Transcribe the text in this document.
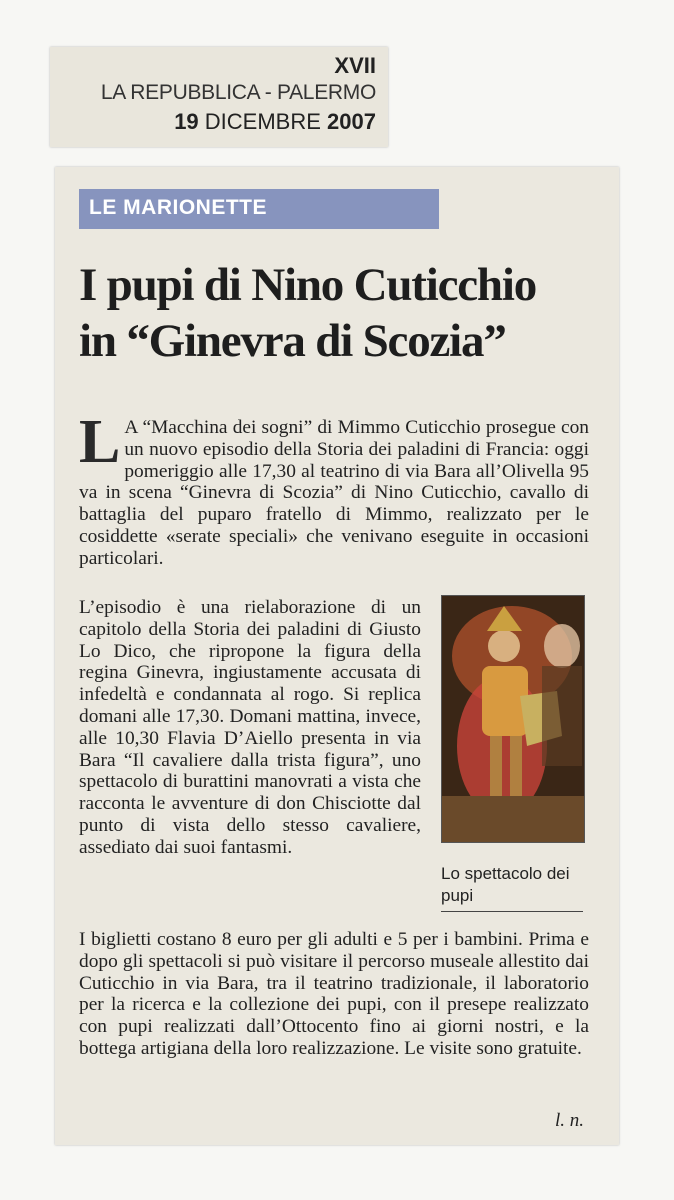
XVII
LA REPUBBLICA - PALERMO
19 DICEMBRE 2007
LE MARIONETTE
I pupi di Nino Cuticchio
in “Ginevra di Scozia”
L A “Macchina dei sogni” di Mimmo Cuticchio prosegue con un nuovo episodio della Storia dei paladini di Francia: oggi pomeriggio alle 17,30 al teatrino di via Bara all’Olivella 95 va in scena “Ginevra di Scozia” di Nino Cuticchio, cavallo di battaglia del puparo fratello di Mimmo, realizzato per le cosiddette «serate speciali» che venivano eseguite in occasioni particolari.
L’episodio è una rielaborazione di un capitolo della Storia dei paladini di Giusto Lo Dico, che ripropone la figura della regina Ginevra, ingiustamente accusata di infedeltà e condannata al rogo. Si replica domani alle 17,30. Domani mattina, invece, alle 10,30 Flavia D’Aiello presenta in via Bara “Il cavaliere dalla trista figura”, uno spettacolo di burattini manovrati a vista che racconta le avventure di don Chisciotte dal punto di vista dello stesso cavaliere, assediato dai suoi fantasmi.
Lo spettacolo dei pupi
I biglietti costano 8 euro per gli adulti e 5 per i bambini. Prima e dopo gli spettacoli si può visitare il percorso museale allestito dai Cuticchio in via Bara, tra il teatrino tradizionale, il laboratorio per la ricerca e la collezione dei pupi, con il presepe realizzato con pupi realizzati dall’Ottocento fino ai giorni nostri, e la bottega artigiana della loro realizzazione. Le visite sono gratuite.
l. n.
